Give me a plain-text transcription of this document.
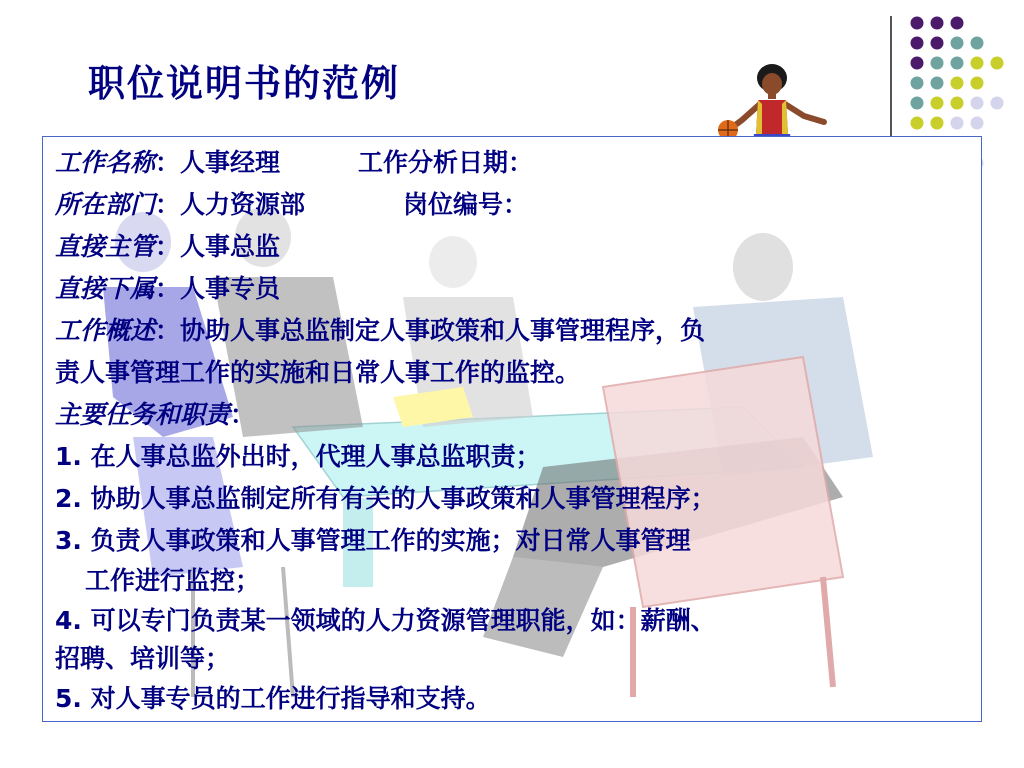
职位说明书的范例
工作名称：人事经理	工作分析日期：
所在部门：人力资源部	岗位编号：
直接主管：人事总监
直接下属：人事专员
工作概述：协助人事总监制定人事政策和人事管理程序，负
责人事管理工作的实施和日常人事工作的监控。
主要任务和职责：
1. 在人事总监外出时，代理人事总监职责；
2. 协助人事总监制定所有有关的人事政策和人事管理程序；
3. 负责人事政策和人事管理工作的实施；对日常人事管理
工作进行监控；
4. 可以专门负责某一领域的人力资源管理职能，如：薪酬、
招聘、培训等；
5. 对人事专员的工作进行指导和支持。
